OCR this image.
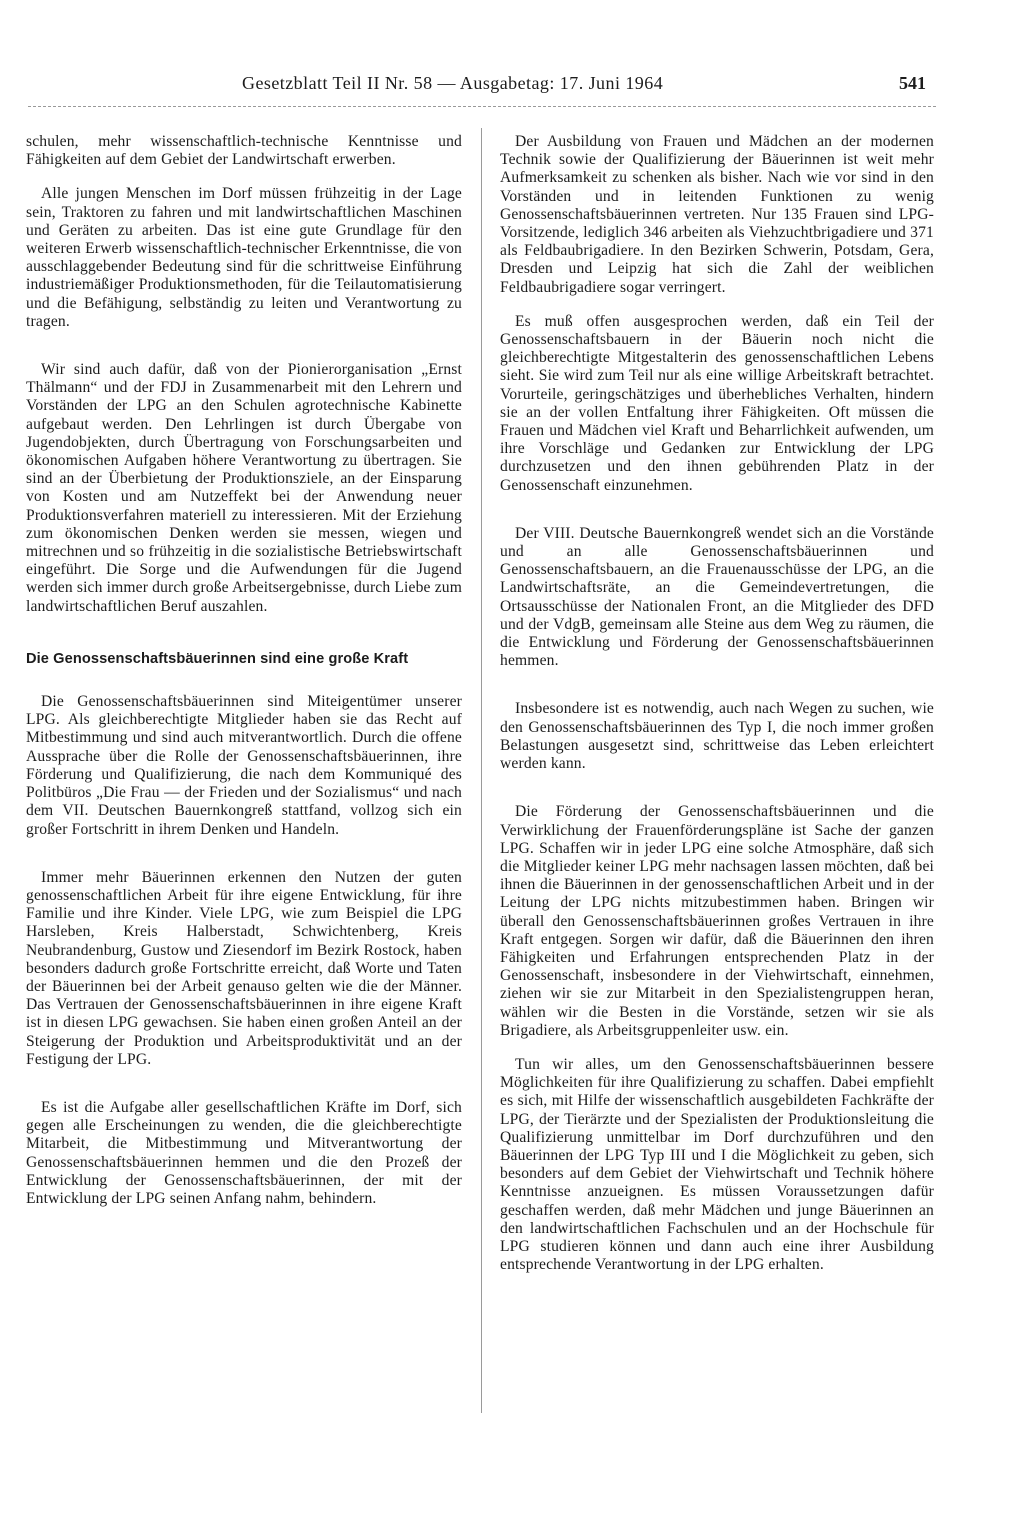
Gesetzblatt Teil II Nr. 58 — Ausgabetag: 17. Juni 1964	541

schulen, mehr wissenschaftlich-technische Kenntnisse und Fähigkeiten auf dem Gebiet der Landwirtschaft erwerben.

Alle jungen Menschen im Dorf müssen frühzeitig in der Lage sein, Traktoren zu fahren und mit landwirtschaftlichen Maschinen und Geräten zu arbeiten. Das ist eine gute Grundlage für den weiteren Erwerb wissenschaftlich-technischer Erkenntnisse, die von ausschlaggebender Bedeutung sind für die schrittweise Einführung industriemäßiger Produktionsmethoden, für die Teilautomatisierung und die Befähigung, selbständig zu leiten und Verantwortung zu tragen.

Wir sind auch dafür, daß von der Pionierorganisation „Ernst Thälmann“ und der FDJ in Zusammenarbeit mit den Lehrern und Vorständen der LPG an den Schulen agrotechnische Kabinette aufgebaut werden. Den Lehrlingen ist durch Übergabe von Jugendobjekten, durch Übertragung von Forschungsarbeiten und ökonomischen Aufgaben höhere Verantwortung zu übertragen. Sie sind an der Überbietung der Produktionsziele, an der Einsparung von Kosten und am Nutzeffekt bei der Anwendung neuer Produktionsverfahren materiell zu interessieren. Mit der Erziehung zum ökonomischen Denken werden sie messen, wiegen und mitrechnen und so frühzeitig in die sozialistische Betriebswirtschaft eingeführt. Die Sorge und die Aufwendungen für die Jugend werden sich immer durch große Arbeitsergebnisse, durch Liebe zum landwirtschaftlichen Beruf auszahlen.

Die Genossenschaftsbäuerinnen sind eine große Kraft

Die Genossenschaftsbäuerinnen sind Miteigentümer unserer LPG. Als gleichberechtigte Mitglieder haben sie das Recht auf Mitbestimmung und sind auch mitverantwortlich. Durch die offene Aussprache über die Rolle der Genossenschaftsbäuerinnen, ihre Förderung und Qualifizierung, die nach dem Kommuniqué des Politbüros „Die Frau — der Frieden und der Sozialismus“ und nach dem VII. Deutschen Bauernkongreß stattfand, vollzog sich ein großer Fortschritt in ihrem Denken und Handeln.

Immer mehr Bäuerinnen erkennen den Nutzen der guten genossenschaftlichen Arbeit für ihre eigene Entwicklung, für ihre Familie und ihre Kinder. Viele LPG, wie zum Beispiel die LPG Harsleben, Kreis Halberstadt, Schwichtenberg, Kreis Neubrandenburg, Gustow und Ziesendorf im Bezirk Rostock, haben besonders dadurch große Fortschritte erreicht, daß Worte und Taten der Bäuerinnen bei der Arbeit genauso gelten wie die der Männer. Das Vertrauen der Genossenschaftsbäuerinnen in ihre eigene Kraft ist in diesen LPG gewachsen. Sie haben einen großen Anteil an der Steigerung der Produktion und Arbeitsproduktivität und an der Festigung der LPG.

Es ist die Aufgabe aller gesellschaftlichen Kräfte im Dorf, sich gegen alle Erscheinungen zu wenden, die die gleichberechtigte Mitarbeit, die Mitbestimmung und Mitverantwortung der Genossenschaftsbäuerinnen hemmen und die den Prozeß der Entwicklung der Genossenschaftsbäuerinnen, der mit der Entwicklung der LPG seinen Anfang nahm, behindern.

Der Ausbildung von Frauen und Mädchen an der modernen Technik sowie der Qualifizierung der Bäuerinnen ist weit mehr Aufmerksamkeit zu schenken als bisher. Nach wie vor sind in den Vorständen und in leitenden Funktionen zu wenig Genossenschaftsbäuerinnen vertreten. Nur 135 Frauen sind LPG-Vorsitzende, lediglich 346 arbeiten als Viehzuchtbrigadiere und 371 als Feldbaubrigadiere. In den Bezirken Schwerin, Potsdam, Gera, Dresden und Leipzig hat sich die Zahl der weiblichen Feldbaubrigadiere sogar verringert.

Es muß offen ausgesprochen werden, daß ein Teil der Genossenschaftsbauern in der Bäuerin noch nicht die gleichberechtigte Mitgestalterin des genossenschaftlichen Lebens sieht. Sie wird zum Teil nur als eine willige Arbeitskraft betrachtet. Vorurteile, geringschätziges und überhebliches Verhalten, hindern sie an der vollen Entfaltung ihrer Fähigkeiten. Oft müssen die Frauen und Mädchen viel Kraft und Beharrlichkeit aufwenden, um ihre Vorschläge und Gedanken zur Entwicklung der LPG durchzusetzen und den ihnen gebührenden Platz in der Genossenschaft einzunehmen.

Der VIII. Deutsche Bauernkongreß wendet sich an die Vorstände und an alle Genossenschaftsbäuerinnen und Genossenschaftsbauern, an die Frauenausschüsse der LPG, an die Landwirtschaftsräte, an die Gemeindevertretungen, die Ortsausschüsse der Nationalen Front, an die Mitglieder des DFD und der VdgB, gemeinsam alle Steine aus dem Weg zu räumen, die die Entwicklung und Förderung der Genossenschaftsbäuerinnen hemmen.

Insbesondere ist es notwendig, auch nach Wegen zu suchen, wie den Genossenschaftsbäuerinnen des Typ I, die noch immer großen Belastungen ausgesetzt sind, schrittweise das Leben erleichtert werden kann.

Die Förderung der Genossenschaftsbäuerinnen und die Verwirklichung der Frauenförderungspläne ist Sache der ganzen LPG. Schaffen wir in jeder LPG eine solche Atmosphäre, daß sich die Mitglieder keiner LPG mehr nachsagen lassen möchten, daß bei ihnen die Bäuerinnen in der genossenschaftlichen Arbeit und in der Leitung der LPG nichts mitzubestimmen haben. Bringen wir überall den Genossenschaftsbäuerinnen großes Vertrauen in ihre Kraft entgegen. Sorgen wir dafür, daß die Bäuerinnen den ihren Fähigkeiten und Erfahrungen entsprechenden Platz in der Genossenschaft, insbesondere in der Viehwirtschaft, einnehmen, ziehen wir sie zur Mitarbeit in den Spezialistengruppen heran, wählen wir die Besten in die Vorstände, setzen wir sie als Brigadiere, als Arbeitsgruppenleiter usw. ein.

Tun wir alles, um den Genossenschaftsbäuerinnen bessere Möglichkeiten für ihre Qualifizierung zu schaffen. Dabei empfiehlt es sich, mit Hilfe der wissenschaftlich ausgebildeten Fachkräfte der LPG, der Tierärzte und der Spezialisten der Produktionsleitung die Qualifizierung unmittelbar im Dorf durchzuführen und den Bäuerinnen der LPG Typ III und I die Möglichkeit zu geben, sich besonders auf dem Gebiet der Viehwirtschaft und Technik höhere Kenntnisse anzueignen. Es müssen Voraussetzungen dafür geschaffen werden, daß mehr Mädchen und junge Bäuerinnen an den landwirtschaftlichen Fachschulen und an der Hochschule für LPG studieren können und dann auch eine ihrer Ausbildung entsprechende Verantwortung in der LPG erhalten.
